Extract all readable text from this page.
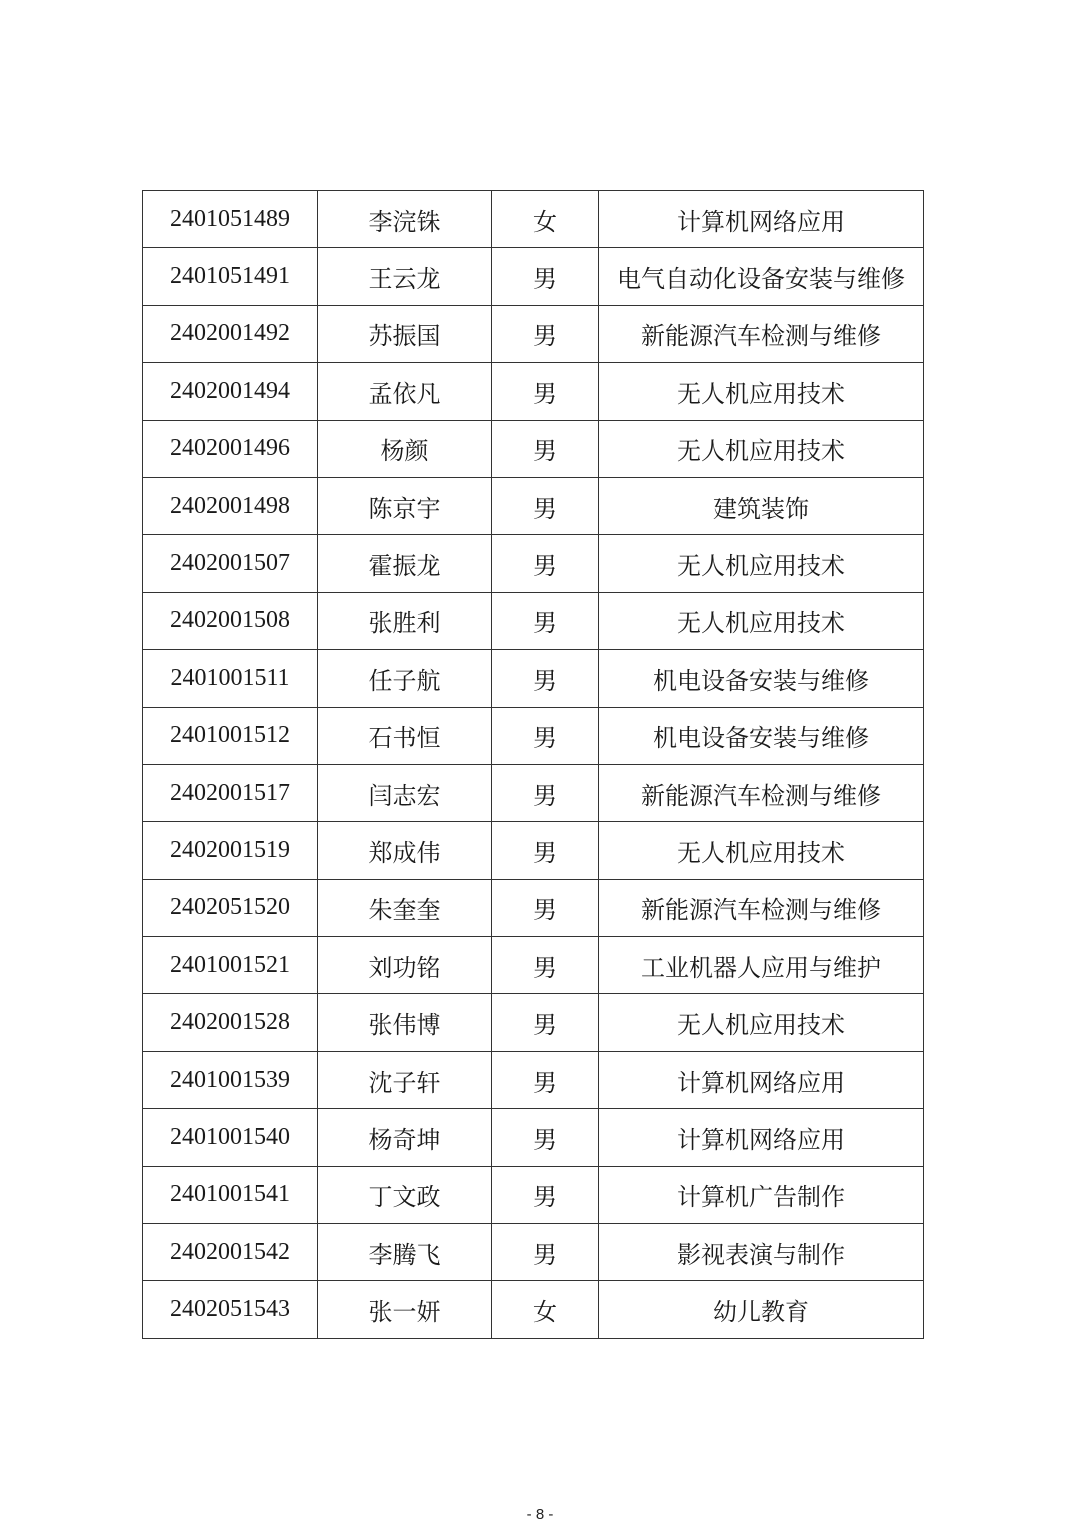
2401051489	李浣铢	女	计算机网络应用
2401051491	王云龙	男	电气自动化设备安装与维修
2402001492	苏振国	男	新能源汽车检测与维修
2402001494	孟依凡	男	无人机应用技术
2402001496	杨颜	男	无人机应用技术
2402001498	陈京宇	男	建筑装饰
2402001507	霍振龙	男	无人机应用技术
2402001508	张胜利	男	无人机应用技术
2401001511	任子航	男	机电设备安装与维修
2401001512	石书恒	男	机电设备安装与维修
2402001517	闫志宏	男	新能源汽车检测与维修
2402001519	郑成伟	男	无人机应用技术
2402051520	朱奎奎	男	新能源汽车检测与维修
2401001521	刘功铭	男	工业机器人应用与维护
2402001528	张伟博	男	无人机应用技术
2401001539	沈子轩	男	计算机网络应用
2401001540	杨奇坤	男	计算机网络应用
2401001541	丁文政	男	计算机广告制作
2402001542	李腾飞	男	影视表演与制作
2402051543	张一妍	女	幼儿教育
- 8 -
